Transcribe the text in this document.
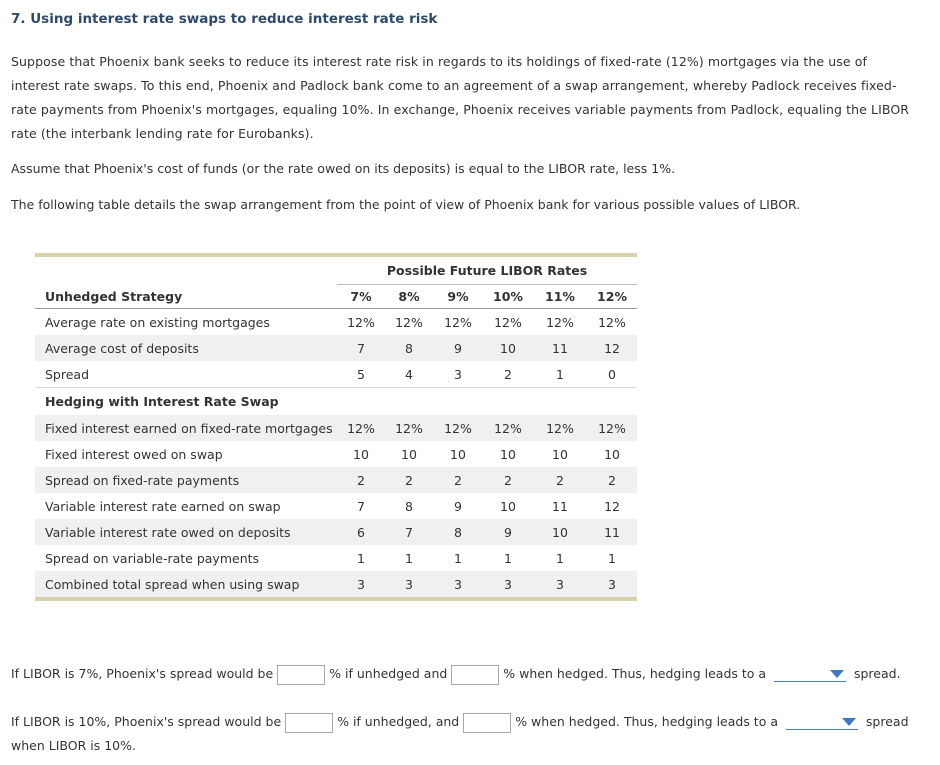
7. Using interest rate swaps to reduce interest rate risk

Suppose that Phoenix bank seeks to reduce its interest rate risk in regards to its holdings of fixed-rate (12%) mortgages via the use of interest rate swaps. To this end, Phoenix and Padlock bank come to an agreement of a swap arrangement, whereby Padlock receives fixed-rate payments from Phoenix's mortgages, equaling 10%. In exchange, Phoenix receives variable payments from Padlock, equaling the LIBOR rate (the interbank lending rate for Eurobanks).

Assume that Phoenix's cost of funds (or the rate owed on its deposits) is equal to the LIBOR rate, less 1%.

The following table details the swap arrangement from the point of view of Phoenix bank for various possible values of LIBOR.

	Possible Future LIBOR Rates					
Unhedged Strategy	7%	8%	9%	10%	11%	12%
Average rate on existing mortgages	12%	12%	12%	12%	12%	12%
Average cost of deposits	7	8	9	10	11	12
Spread	5	4	3	2	1	0
Hedging with Interest Rate Swap						
Fixed interest earned on fixed-rate mortgages	12%	12%	12%	12%	12%	12%
Fixed interest owed on swap	10	10	10	10	10	10
Spread on fixed-rate payments	2	2	2	2	2	2
Variable interest rate earned on swap	7	8	9	10	11	12
Variable interest rate owed on deposits	6	7	8	9	10	11
Spread on variable-rate payments	1	1	1	1	1	1
Combined total spread when using swap	3	3	3	3	3	3
If LIBOR is 7%, Phoenix's spread would be	% if unhedged and	% when hedged. Thus, hedging leads to a	spread.
If LIBOR is 10%, Phoenix's spread would be	% if unhedged, and	% when hedged. Thus, hedging leads to a	spread
when LIBOR is 10%.
